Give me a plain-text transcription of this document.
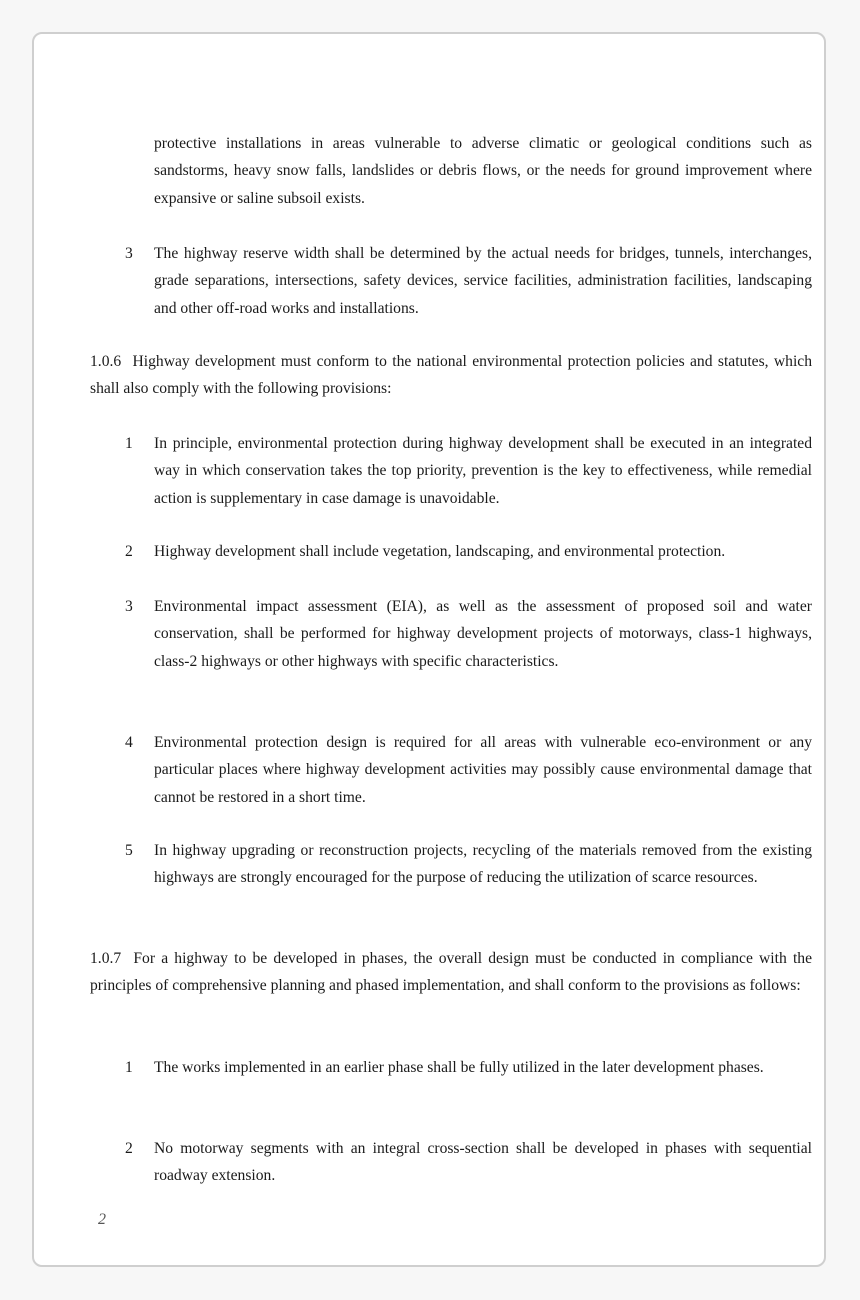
protective installations in areas vulnerable to adverse climatic or geological conditions such as sandstorms, heavy snow falls, landslides or debris flows, or the needs for ground improvement where expansive or saline subsoil exists.
3	The highway reserve width shall be determined by the actual needs for bridges, tunnels, interchanges, grade separations, intersections, safety devices, service facilities, administration facilities, landscaping and other off-road works and installations.
1.0.6 Highway development must conform to the national environmental protection policies and statutes, which shall also comply with the following provisions:
1	In principle, environmental protection during highway development shall be executed in an integrated way in which conservation takes the top priority, prevention is the key to effectiveness, while remedial action is supplementary in case damage is unavoidable.
2	Highway development shall include vegetation, landscaping, and environmental protection.
3	Environmental impact assessment (EIA), as well as the assessment of proposed soil and water conservation, shall be performed for highway development projects of motorways, class-1 highways, class-2 highways or other highways with specific characteristics.
4	Environmental protection design is required for all areas with vulnerable eco-environment or any particular places where highway development activities may possibly cause environmental damage that cannot be restored in a short time.
5	In highway upgrading or reconstruction projects, recycling of the materials removed from the existing highways are strongly encouraged for the purpose of reducing the utilization of scarce resources.
1.0.7 For a highway to be developed in phases, the overall design must be conducted in compliance with the principles of comprehensive planning and phased implementation, and shall conform to the provisions as follows:
1	The works implemented in an earlier phase shall be fully utilized in the later development phases.
2	No motorway segments with an integral cross-section shall be developed in phases with sequential roadway extension.
2
